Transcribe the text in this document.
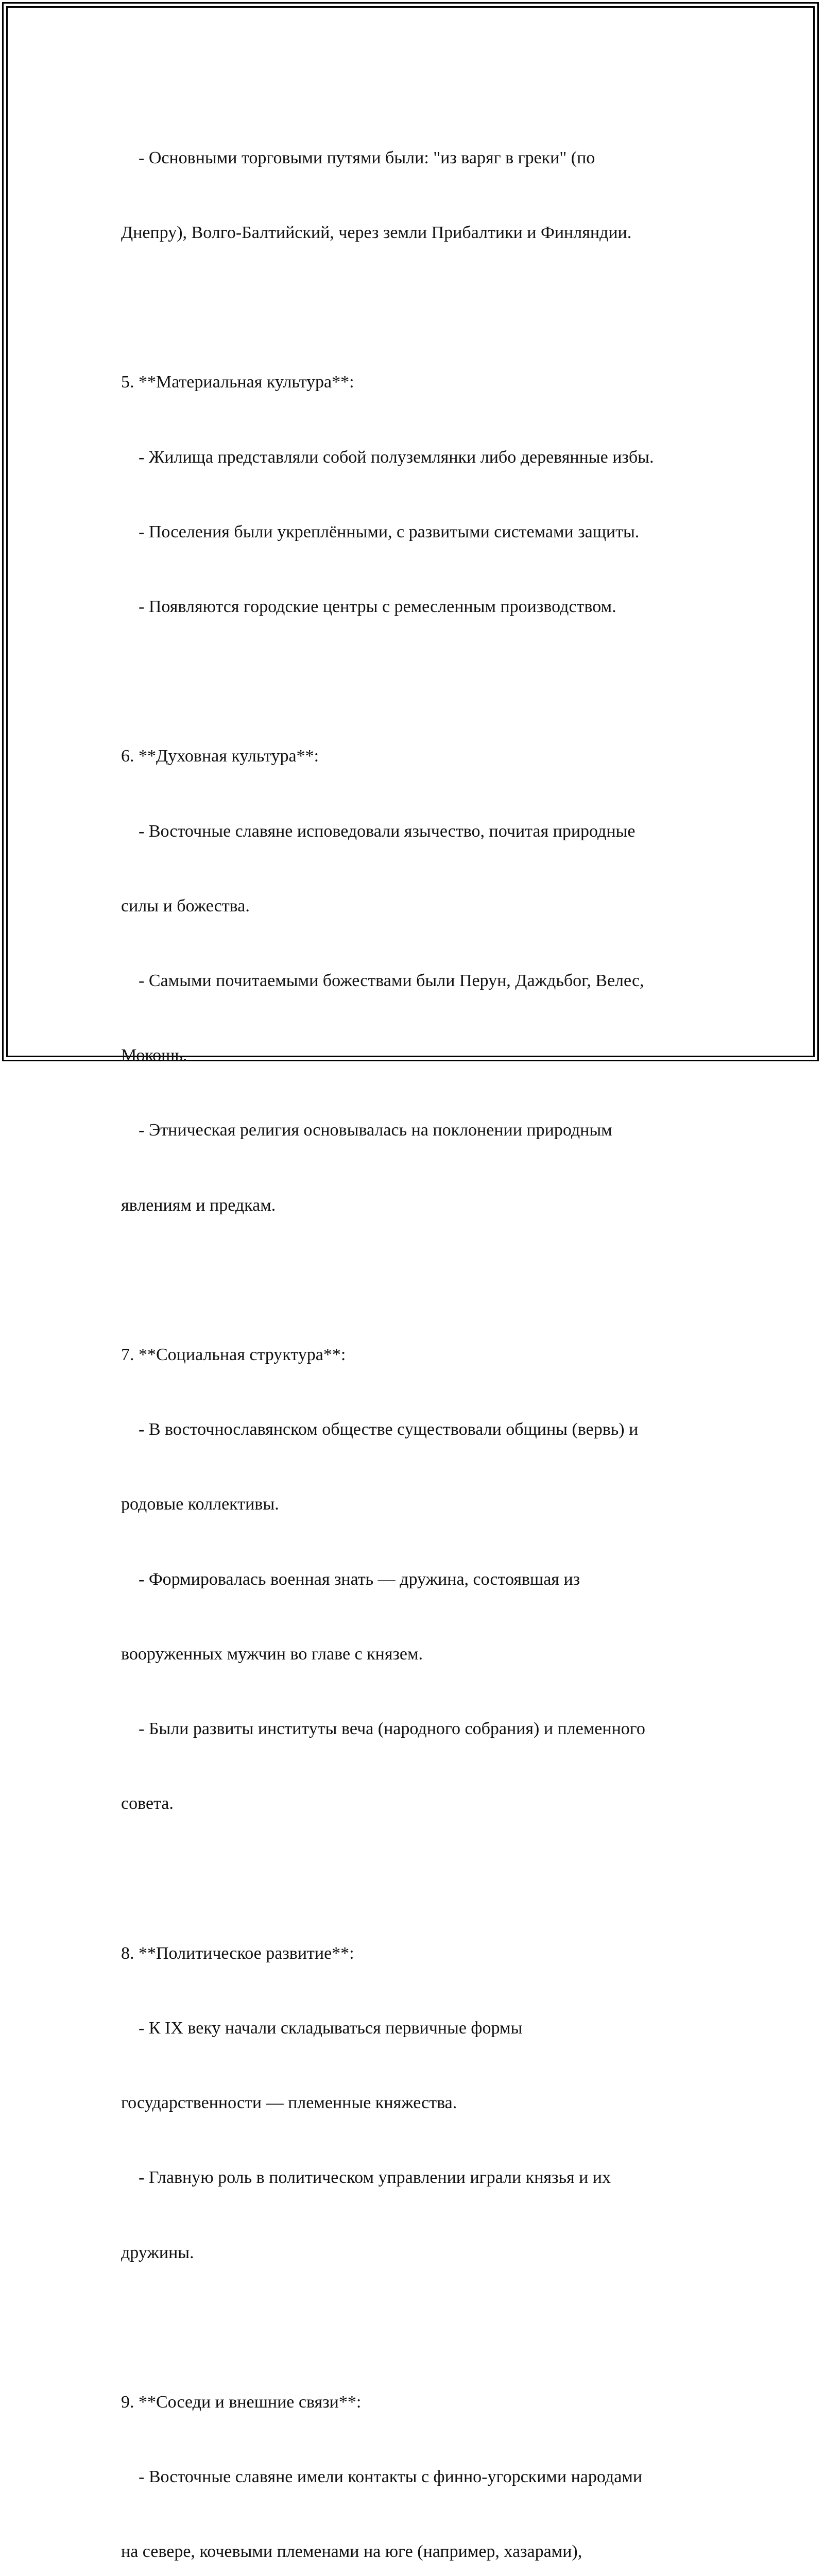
- Основными торговыми путями были: "из варяг в греки" (по

Днепру), Волго-Балтийский, через земли Прибалтики и Финляндии.

5. **Материальная культура**:

- Жилища представляли собой полуземлянки либо деревянные избы.

- Поселения были укреплёнными, с развитыми системами защиты.

- Появляются городские центры с ремесленным производством.

6. **Духовная культура**:

- Восточные славяне исповедовали язычество, почитая природные

силы и божества.

- Самыми почитаемыми божествами были Перун, Даждьбог, Велес,

Мокошь.

- Этническая религия основывалась на поклонении природным

явлениям и предкам.

7. **Социальная структура**:

- В восточнославянском обществе существовали общины (вервь) и

родовые коллективы.

- Формировалась военная знать — дружина, состоявшая из

вооруженных мужчин во главе с князем.

- Были развиты институты веча (народного собрания) и племенного

совета.

8. **Политическое развитие**:

- К IX веку начали складываться первичные формы

государственности — племенные княжества.

- Главную роль в политическом управлении играли князья и их

дружины.

9. **Соседи и внешние связи**:

- Восточные славяне имели контакты с финно-угорскими народами

на севере, кочевыми племенами на юге (например, хазарами),
